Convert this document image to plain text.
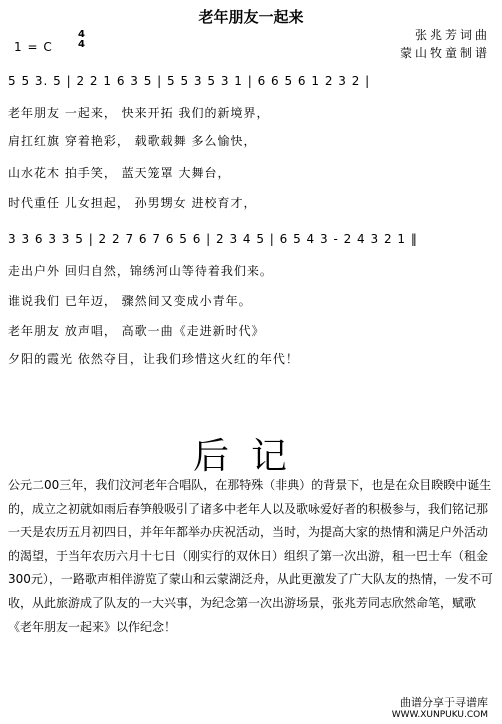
老年朋友一起来
张兆芳词曲
蒙山牧童制谱
1 = C
4
4
5 5 3. 5 | 2 2 1 6 3 5 | 5 5 3 5 3 1 | 6 6 5 6 1 2 3 2 |
老年朋友 一起来， 快来开拓 我们的新境界，
肩扛红旗 穿着艳彩， 载歌载舞 多么愉快，
山水花木 拍手笑， 蓝天笼罩 大舞台，
时代重任 儿女担起， 孙男甥女 进校育才，
3 3 6 3 3 5 | 2 2 7 6 7 6 5 6 | 2 3 4 5 | 6 5 4 3 - 2 4 3 2 1 ‖
走出户外 回归自然，锦绣河山等待着我们来。
谁说我们 已年迈， 骤然间又变成小青年。
老年朋友 放声唱， 高歌一曲《走进新时代》
夕阳的霞光 依然夺目，让我们珍惜这火红的年代！
后记

公元二00三年，我们汶河老年合唱队，在那特殊（非典）的背景下，也是在众目睽睽中诞生的，成立之初就如雨后春笋般吸引了诸多中老年人以及歌咏爱好者的积极参与，我们铭记那一天是农历五月初四日，并年年都举办庆祝活动，当时，为提高大家的热情和满足户外活动的渴望，于当年农历六月十七日（刚实行的双休日）组织了第一次出游，租一巴士车（租金300元），一路歌声相伴游览了蒙山和云蒙湖泛舟，从此更激发了广大队友的热情，一发不可收，从此旅游成了队友的一大兴事，为纪念第一次出游场景，张兆芳同志欣然命笔，赋歌《老年朋友一起来》以作纪念！

曲谱分享于寻谱库
WWW.XUNPUKU.COM
